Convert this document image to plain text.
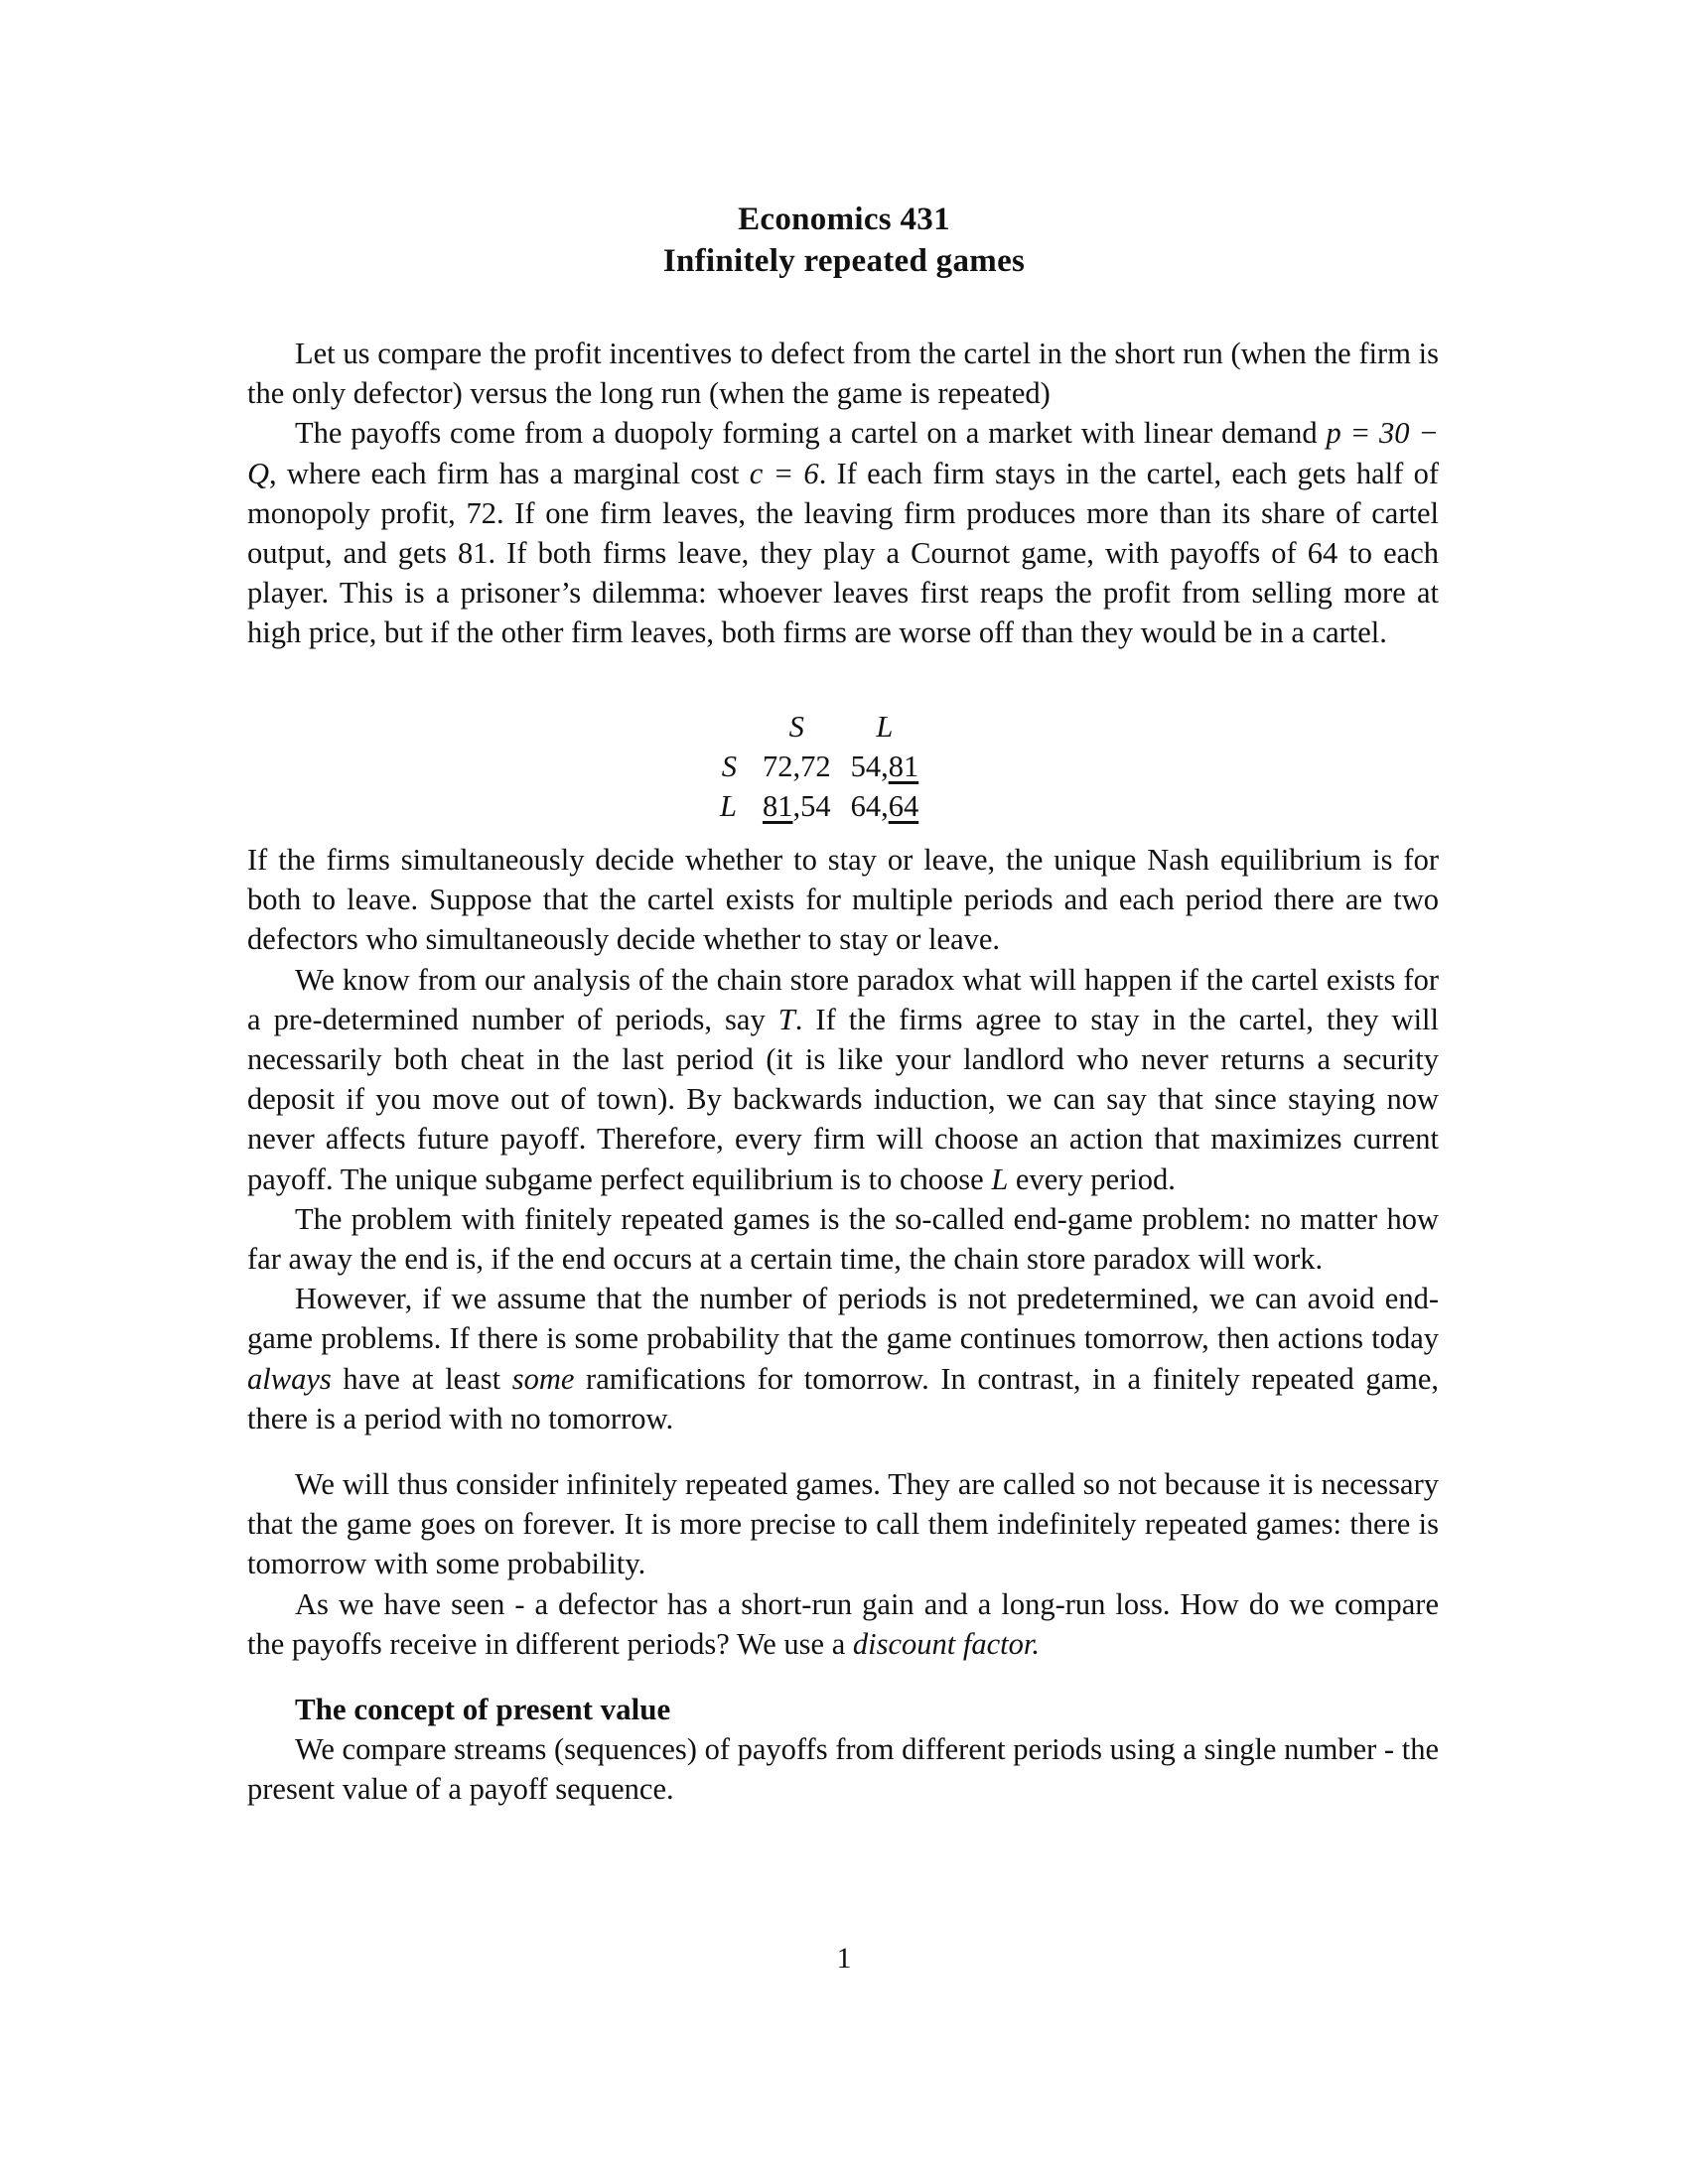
Economics 431
Infinitely repeated games

Let us compare the profit incentives to defect from the cartel in the short run (when the firm is the only defector) versus the long run (when the game is repeated)

The payoffs come from a duopoly forming a cartel on a market with linear demand p = 30 − Q, where each firm has a marginal cost c = 6. If each firm stays in the cartel, each gets half of monopoly profit, 72. If one firm leaves, the leaving firm produces more than its share of cartel output, and gets 81. If both firms leave, they play a Cournot game, with payoffs of 64 to each player. This is a prisoner’s dilemma: whoever leaves first reaps the profit from selling more at high price, but if the other firm leaves, both firms are worse off than they would be in a cartel.

	S	L
S	72,72	54,81
L	81,54	64,64

If the firms simultaneously decide whether to stay or leave, the unique Nash equilibrium is for both to leave. Suppose that the cartel exists for multiple periods and each period there are two defectors who simultaneously decide whether to stay or leave.

We know from our analysis of the chain store paradox what will happen if the cartel exists for a pre-determined number of periods, say T. If the firms agree to stay in the cartel, they will necessarily both cheat in the last period (it is like your landlord who never returns a security deposit if you move out of town). By backwards induction, we can say that since staying now never affects future payoff. Therefore, every firm will choose an action that maximizes current payoff. The unique subgame perfect equilibrium is to choose L every period.

The problem with finitely repeated games is the so-called end-game problem: no matter how far away the end is, if the end occurs at a certain time, the chain store paradox will work.

However, if we assume that the number of periods is not predetermined, we can avoid end-game problems. If there is some probability that the game continues tomorrow, then actions today always have at least some ramifications for tomorrow. In contrast, in a finitely repeated game, there is a period with no tomorrow.

We will thus consider infinitely repeated games. They are called so not because it is necessary that the game goes on forever. It is more precise to call them indefinitely repeated games: there is tomorrow with some probability.

As we have seen - a defector has a short-run gain and a long-run loss. How do we compare the payoffs receive in different periods? We use a discount factor.

The concept of present value

We compare streams (sequences) of payoffs from different periods using a single number - the present value of a payoff sequence.

1
